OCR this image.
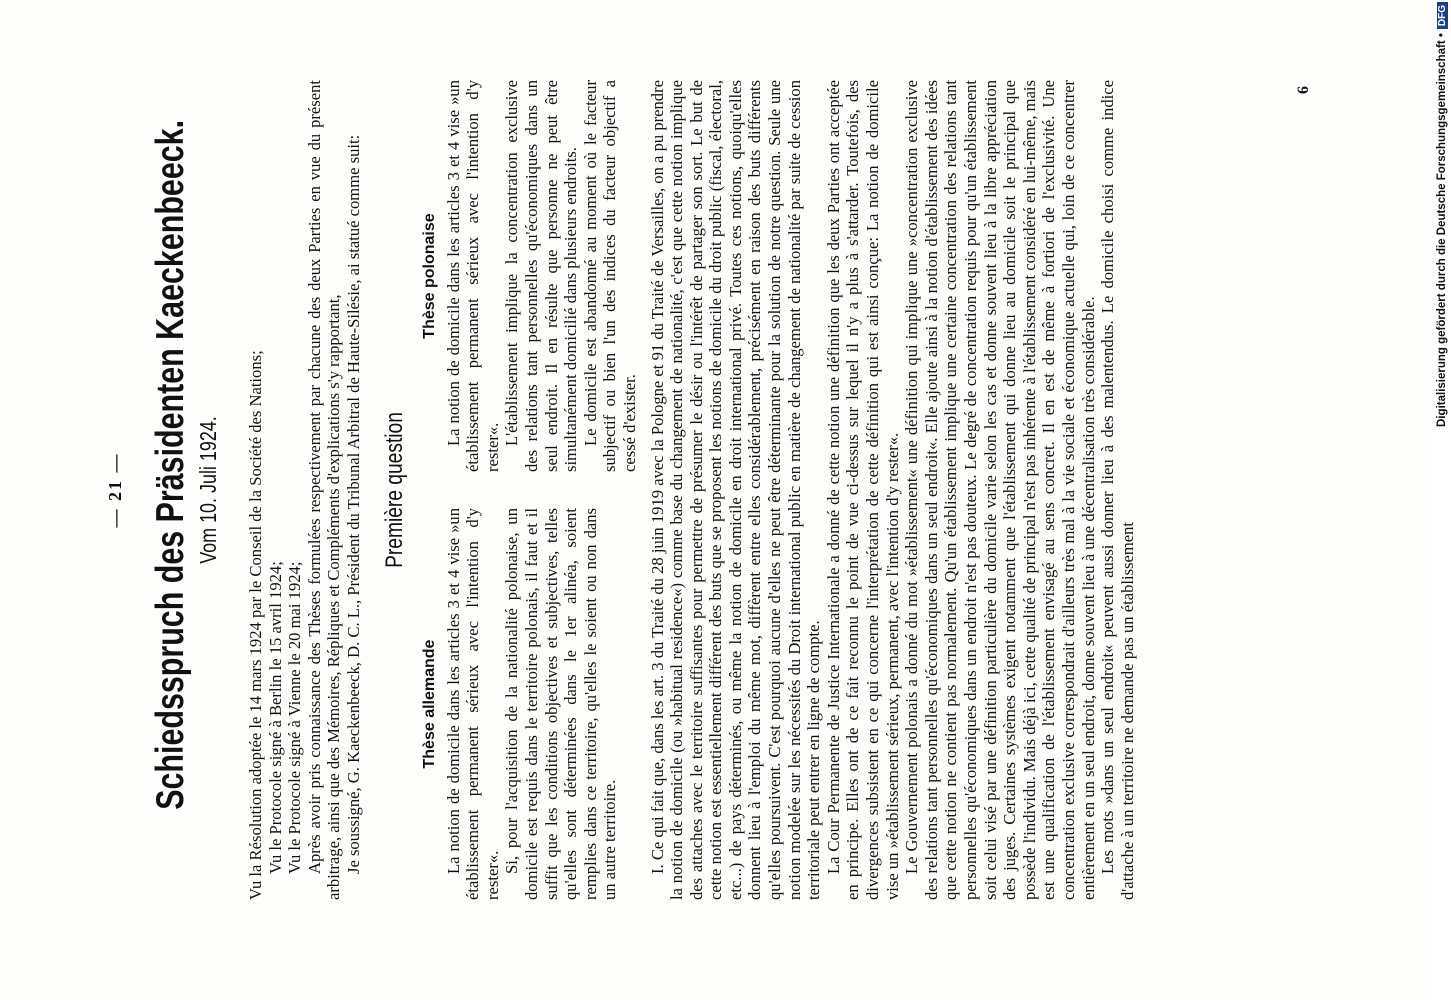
— 21 — Schiedsspruch des Präsidenten Kaeckenbeeck. Vom 10. Juli 1924. Vu la Résolution adoptée le 14 mars 1924 par le Conseil de la Société des Nations; Vu le Protocole signé à Berlin le 15 avril 1924; Vu le Protocole signé à Vienne le 20 mai 1924; Après avoir pris connaissance des Thèses formulées respectivement par chacune des deux Parties en vue du présent arbitrage, ainsi que des Mémoires, Répliques et Compléments d'explications s'y rapportant, Je soussigné, G. Kaeckenbeeck, D. C. L., Président du Tribunal Arbitral de Haute-Silésie, ai statué comme suit: Première question
Thèse allemande La notion de domicile dans les articles 3 et 4 vise »un établissement permanent sérieux avec l'intention d'y rester«.

Si, pour l'acquisition de la nationalité polonaise, un domicile est requis dans le territoire polonais, il faut et il suffit que les conditions objectives et subjectives, telles qu'elles sont déterminées dans le 1er alinéa, soient remplies dans ce territoire, qu'elles le soient ou non dans un autre territoire.

Thèse polonaise La notion de domicile dans les articles 3 et 4 vise »un établissement permanent sérieux avec l'intention d'y rester«.

L'établissement implique la concentration exclusive des relations tant personnelles qu'économiques dans un seul endroit. Il en résulte que personne ne peut être simultanément domicilié dans plusieurs endroits. Le domicile est abandonné au moment où le facteur subjectif ou bien l'un des indices du facteur objectif a cessé d'exister. I. Ce qui fait que, dans les art. 3 du Traité du 28 juin 1919 avec la Pologne et 91 du Traité de Versailles, on a pu prendre la notion de domicile (ou »habitual residence«) comme base du changement de nationalité, c'est que cette notion implique des attaches avec le territoire suffisantes pour permettre de présumer le désir ou l'intérêt de partager son sort. Le but de cette notion est essentiellement différent des buts que se proposent les notions de domicile du droit public (fiscal, électoral, etc...) de pays déterminés, ou même la notion de domicile en droit international privé. Toutes ces notions, quoiqu'elles donnent lieu à l'emploi du même mot, diffèrent entre elles considérablement, précisément en raison des buts différents qu'elles poursuivent. C'est pourquoi aucune d'elles ne peut être déterminante pour la solution de notre question. Seule une notion modelée sur les nécessités du Droit international public en matière de changement de nationalité par suite de cession territoriale peut entrer en ligne de compte. La Cour Permanente de Justice Internationale a donné de cette notion une définition que les deux Parties ont acceptée en principe. Elles ont de ce fait reconnu le point de vue ci-dessus sur lequel il n'y a plus à s'attarder. Toutefois, des divergences subsistent en ce qui concerne l'interprétation de cette définition qui est ainsi conçue: La notion de domicile vise un »établissement sérieux, permanent, avec l'intention d'y rester«. Le Gouvernement polonais a donné du mot »établissement« une définition qui implique une »concentration exclusive des relations tant personnelles qu'économiques dans un seul endroit«. Elle ajoute ainsi à la notion d'établissement des idées que cette notion ne contient pas normalement. Qu'un établissement implique une certaine concentration des relations tant personnelles qu'économiques dans un endroit n'est pas douteux. Le degré de concentration requis pour qu'un établissement soit celui visé par une définition particulière du domicile varie selon les cas et donne souvent lieu à la libre appréciation des juges. Certaines systèmes exigent notamment que l'établissement qui donne lieu au domicile soit le principal que possède l'individu. Mais déjà ici, cette qualité de principal n'est pas inhérente à l'établissement considéré en lui-même, mais est une qualification de l'établissement envisagé au sens concret. Il en est de même à fortiori de l'exclusivité. Une concentration exclusive correspondrait d'ailleurs très mal à la vie sociale et économique actuelle qui, loin de ce concentrer entièrement en un seul endroit, donne souvent lieu à une décentralisation très considérable. Les mots »dans un seul endroit« peuvent aussi donner lieu à des malentendus. Le domicile choisi comme indice d'attache à un territoire ne demande pas un établissement

6	Digitalisierung gefördert durch die Deutsche Forschungsgemeinschaft •
DFG
